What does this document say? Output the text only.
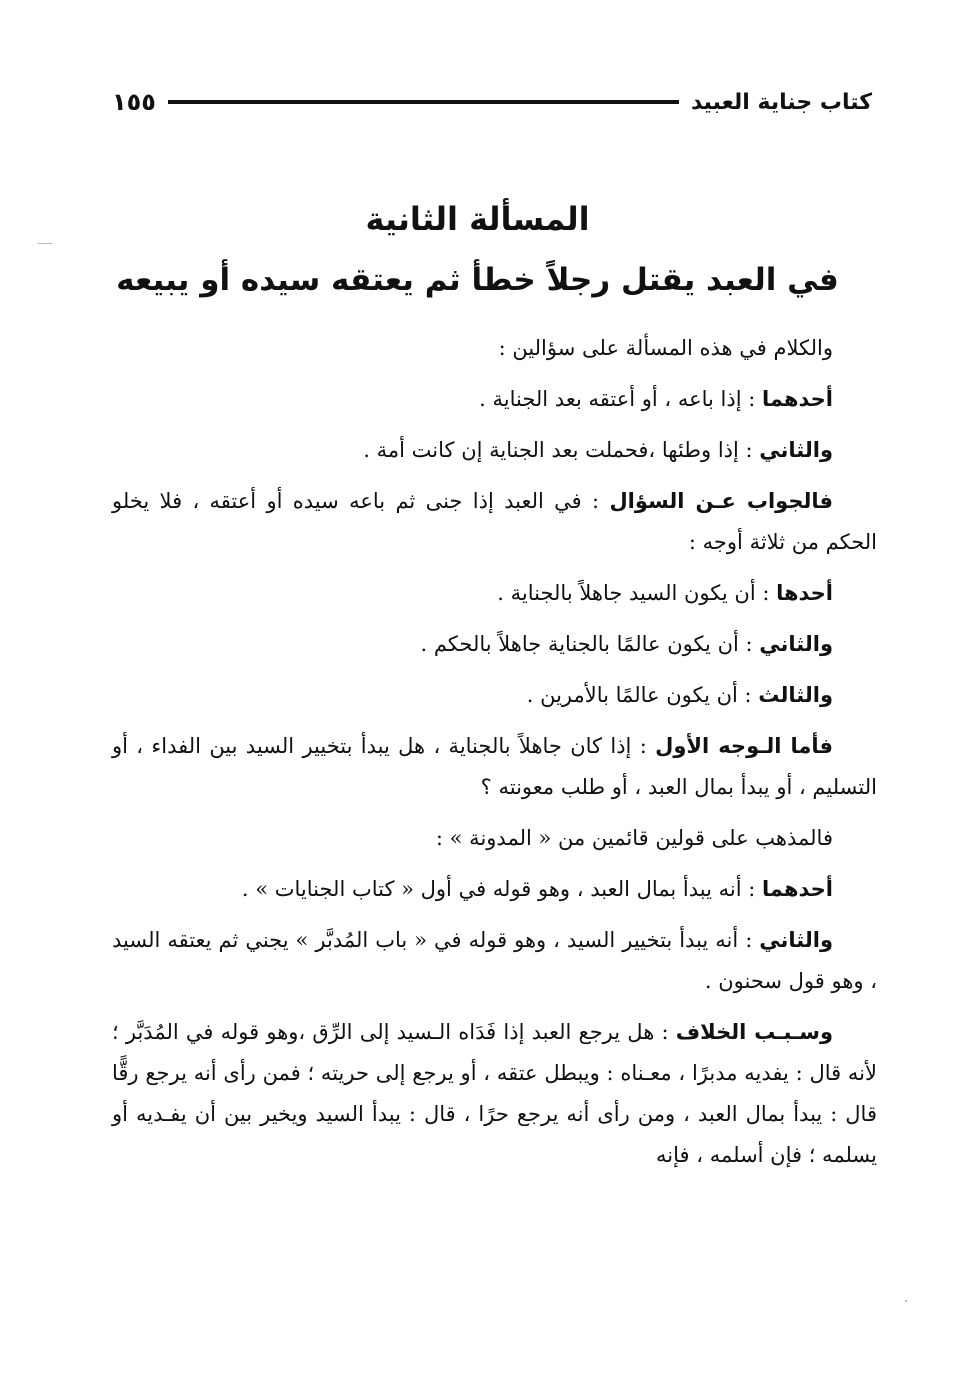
كتاب جناية العبيد
١٥٥
المسألة الثانية
في العبد يقتل رجلاً خطأ ثم يعتقه سيده أو يبيعه

والكلام في هذه المسألة على سؤالين :

أحدهما : إذا باعه ، أو أعتقه بعد الجناية .

والثاني : إذا وطئها ،فحملت بعد الجناية إن كانت أمة .

فالجواب عـن السؤال : في العبد إذا جنى ثم باعه سيده أو أعتقه ، فلا يخلو الحكم من ثلاثة أوجه :

أحدها : أن يكون السيد جاهلاً بالجناية .

والثاني : أن يكون عالمًا بالجناية جاهلاً بالحكم .

والثالث : أن يكون عالمًا بالأمرين .

فأما الـوجه الأول : إذا كان جاهلاً بالجناية ، هل يبدأ بتخيير السيد بين الفداء ، أو التسليم ، أو يبدأ بمال العبد ، أو طلب معونته ؟

فالمذهب على قولين قائمين من « المدونة » :

أحدهما : أنه يبدأ بمال العبد ، وهو قوله في أول « كتاب الجنايات » .

والثاني : أنه يبدأ بتخيير السيد ، وهو قوله في « باب المُدبَّر » يجني ثم يعتقه السيد ، وهو قول سحنون .

وسـبـب الخلاف : هل يرجع العبد إذا فَدَاه الـسيد إلى الرِّق ،وهو قوله في المُدَبَّر ؛ لأنه قال : يفديه مدبرًا ، معـناه : ويبطل عتقه ، أو يرجع إلى حريته ؛ فمن رأى أنه يرجع رقًّا قال : يبدأ بمال العبد ، ومن رأى أنه يرجع حرًا ، قال : يبدأ السيد ويخير بين أن يفـديه أو يسلمه ؛ فإن أسلمه ، فإنه
